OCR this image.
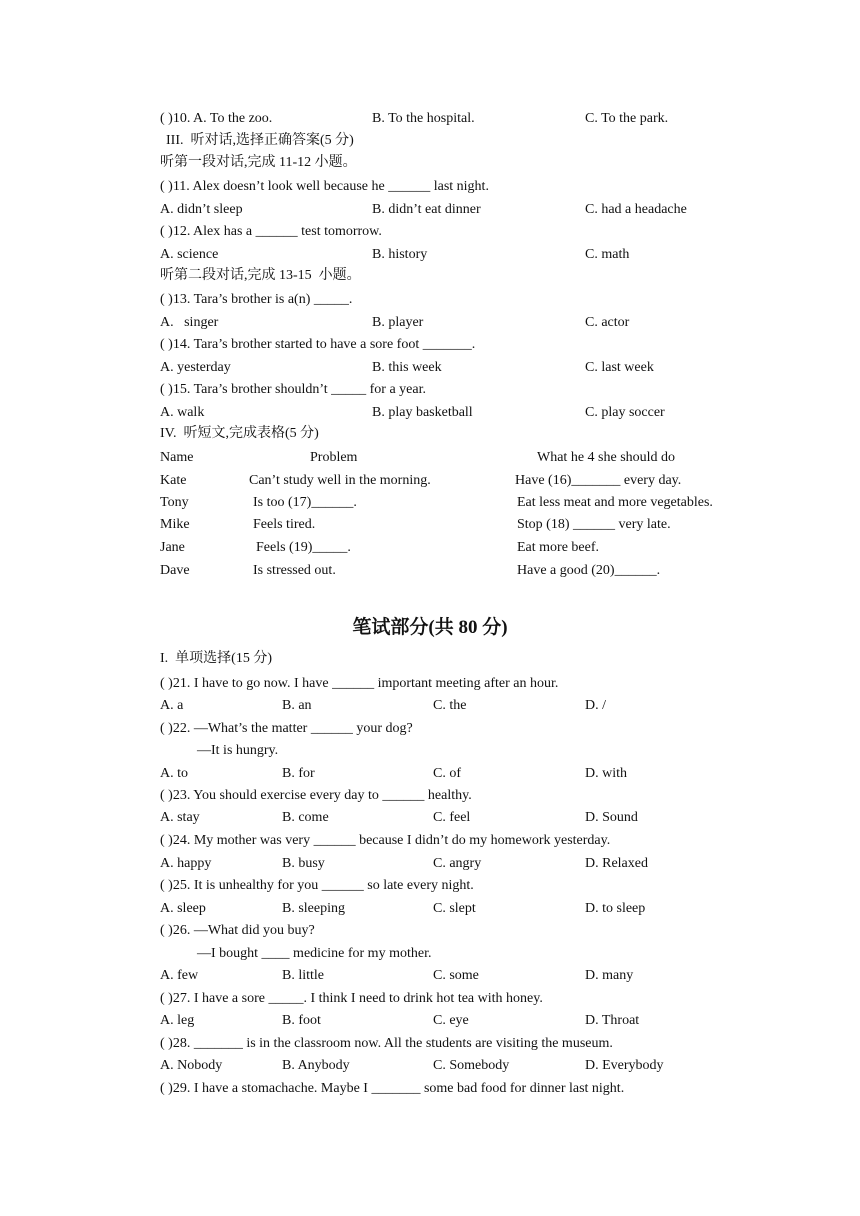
( )10. A. To the zoo.	B. To the hospital.	C. To the park.
III.  听对话,选择正确答案(5 分)
听第一段对话,完成 11-12 小题。
( )11. Alex doesn’t look well because he ______ last night.
A. didn’t sleep	B. didn’t eat dinner	C. had a headache
( )12. Alex has a ______ test tomorrow.
A. science	B. history	C. math
听第二段对话,完成 13-15  小题。
( )13. Tara’s brother is a(n) _____.
A.   singer	B. player	C. actor
( )14. Tara’s brother started to have a sore foot _______.
A. yesterday	B. this week	C. last week
( )15. Tara’s brother shouldn’t _____ for a year.
A. walk	B. play basketball	C. play soccer
IV.  听短文,完成表格(5 分)
Name	Problem	What he 4 she should do
Kate	Can’t study well in the morning.	Have (16)_______ every day.
Tony	Is too (17)______.	Eat less meat and more vegetables.
Mike	Feels tired.	Stop (18) ______ very late.
Jane	Feels (19)_____.	Eat more beef.
Dave	Is stressed out.	Have a good (20)______.
笔试部分(共 80 分)
I.  单项选择(15 分)
( )21. I have to go now. I have ______ important meeting after an hour.
A. a	B. an	C. the	D. /
( )22. —What’s the matter ______ your dog?
—It is hungry.
A. to	B. for	C. of	D. with
( )23. You should exercise every day to ______ healthy.
A. stay	B. come	C. feel	D. Sound
( )24. My mother was very ______ because I didn’t do my homework yesterday.
A. happy	B. busy	C. angry	D. Relaxed
( )25. It is unhealthy for you ______ so late every night.
A. sleep	B. sleeping	C. slept	D. to sleep
( )26. —What did you buy?
—I bought ____ medicine for my mother.
A. few	B. little	C. some	D. many
( )27. I have a sore _____. I think I need to drink hot tea with honey.
A. leg	B. foot	C. eye	D. Throat
( )28. _______ is in the classroom now. All the students are visiting the museum.
A. Nobody	B. Anybody	C. Somebody	D. Everybody
( )29. I have a stomachache. Maybe I _______ some bad food for dinner last night.
